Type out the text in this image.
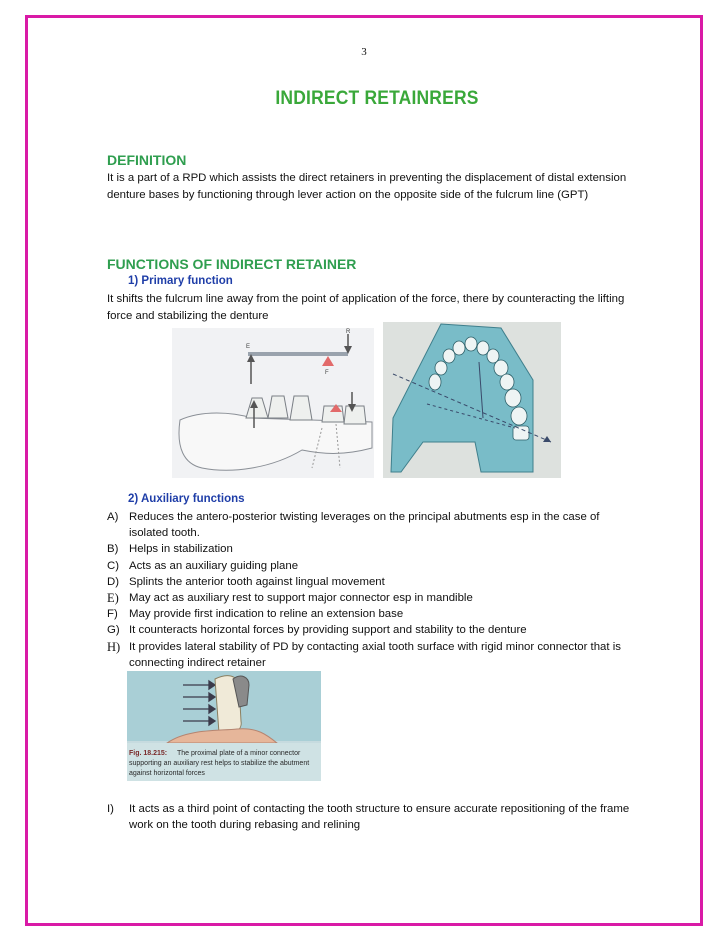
3
INDIRECT RETAINRERS
DEFINITION
It is a part of a RPD which assists the direct retainers in preventing the displacement of distal extension denture bases by functioning through lever action on the opposite side of the fulcrum line (GPT)
FUNCTIONS OF INDIRECT RETAINER
1) Primary function
It shifts the fulcrum line away from the point of application of the force, there by counteracting the lifting force and stabilizing the denture
E
R
F
2) Auxiliary functions
A) Reduces the antero-posterior twisting leverages on the principal abutments esp in the case of isolated tooth.
B) Helps in stabilization
C) Acts as an auxiliary guiding plane
D) Splints the anterior tooth against lingual movement
E) May act as auxiliary rest to support major connector esp in mandible
F) May provide first indication to reline an extension base
G) It counteracts horizontal forces by providing support and stability to the denture
H) It provides lateral stability of PD by contacting axial tooth surface with rigid minor connector that is connecting indirect retainer
Fig. 18.215: The proximal plate of a minor connector
supporting an auxiliary rest helps to stabilize the abutment
against horizontal forces
I) It acts as a third point of contacting the tooth structure to ensure accurate repositioning of the frame work on the tooth during rebasing and relining
